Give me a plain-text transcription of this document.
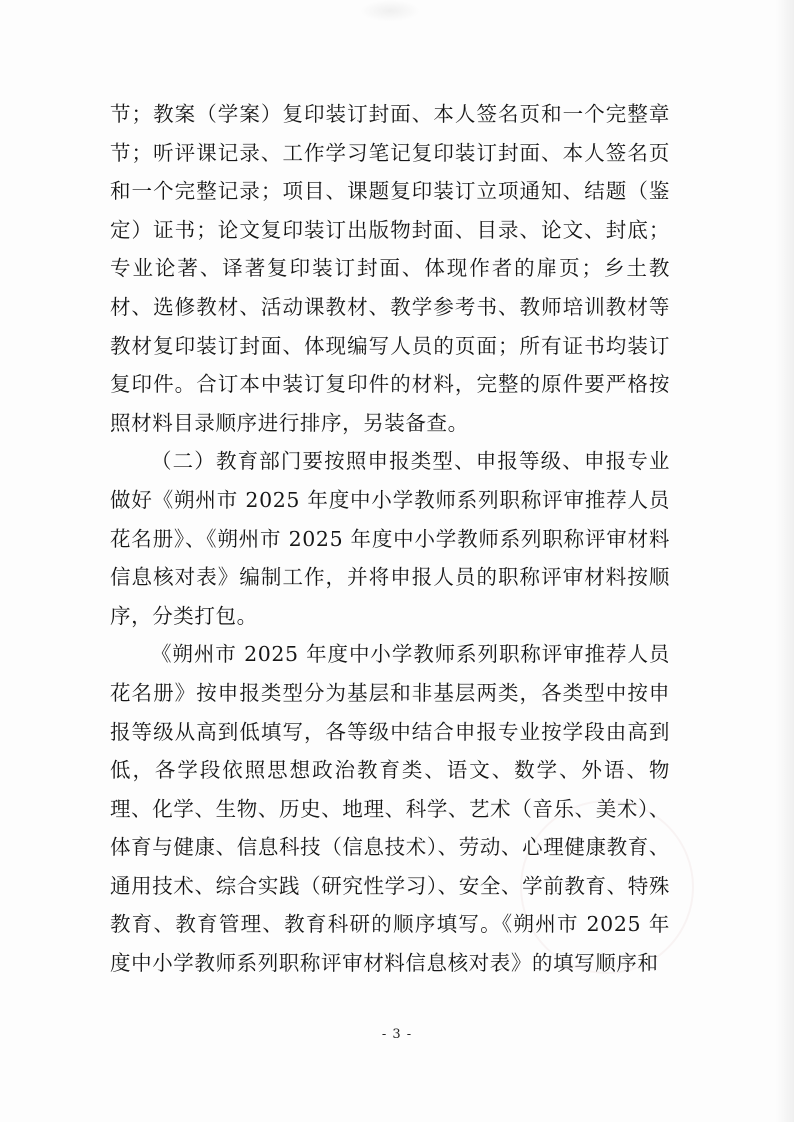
节；教案（学案）复印装订封面、本人签名页和一个完整章节；听评课记录、工作学习笔记复印装订封面、本人签名页和一个完整记录；项目、课题复印装订立项通知、结题（鉴定）证书；论文复印装订出版物封面、目录、论文、封底；专业论著、译著复印装订封面、体现作者的扉页；乡土教材、选修教材、活动课教材、教学参考书、教师培训教材等教材复印装订封面、体现编写人员的页面；所有证书均装订复印件。合订本中装订复印件的材料，完整的原件要严格按照材料目录顺序进行排序，另装备查。

（二）教育部门要按照申报类型、申报等级、申报专业做好《朔州市 2025 年度中小学教师系列职称评审推荐人员花名册》、《朔州市 2025 年度中小学教师系列职称评审材料信息核对表》编制工作，并将申报人员的职称评审材料按顺序，分类打包。

《朔州市 2025 年度中小学教师系列职称评审推荐人员花名册》按申报类型分为基层和非基层两类，各类型中按申报等级从高到低填写，各等级中结合申报专业按学段由高到低，各学段依照思想政治教育类、语文、数学、外语、物理、化学、生物、历史、地理、科学、艺术（音乐、美术）、体育与健康、信息科技（信息技术）、劳动、心理健康教育、通用技术、综合实践（研究性学习）、安全、学前教育、特殊教育、教育管理、教育科研的顺序填写。《朔州市 2025 年度中小学教师系列职称评审材料信息核对表》的填写顺序和

- 3 -
